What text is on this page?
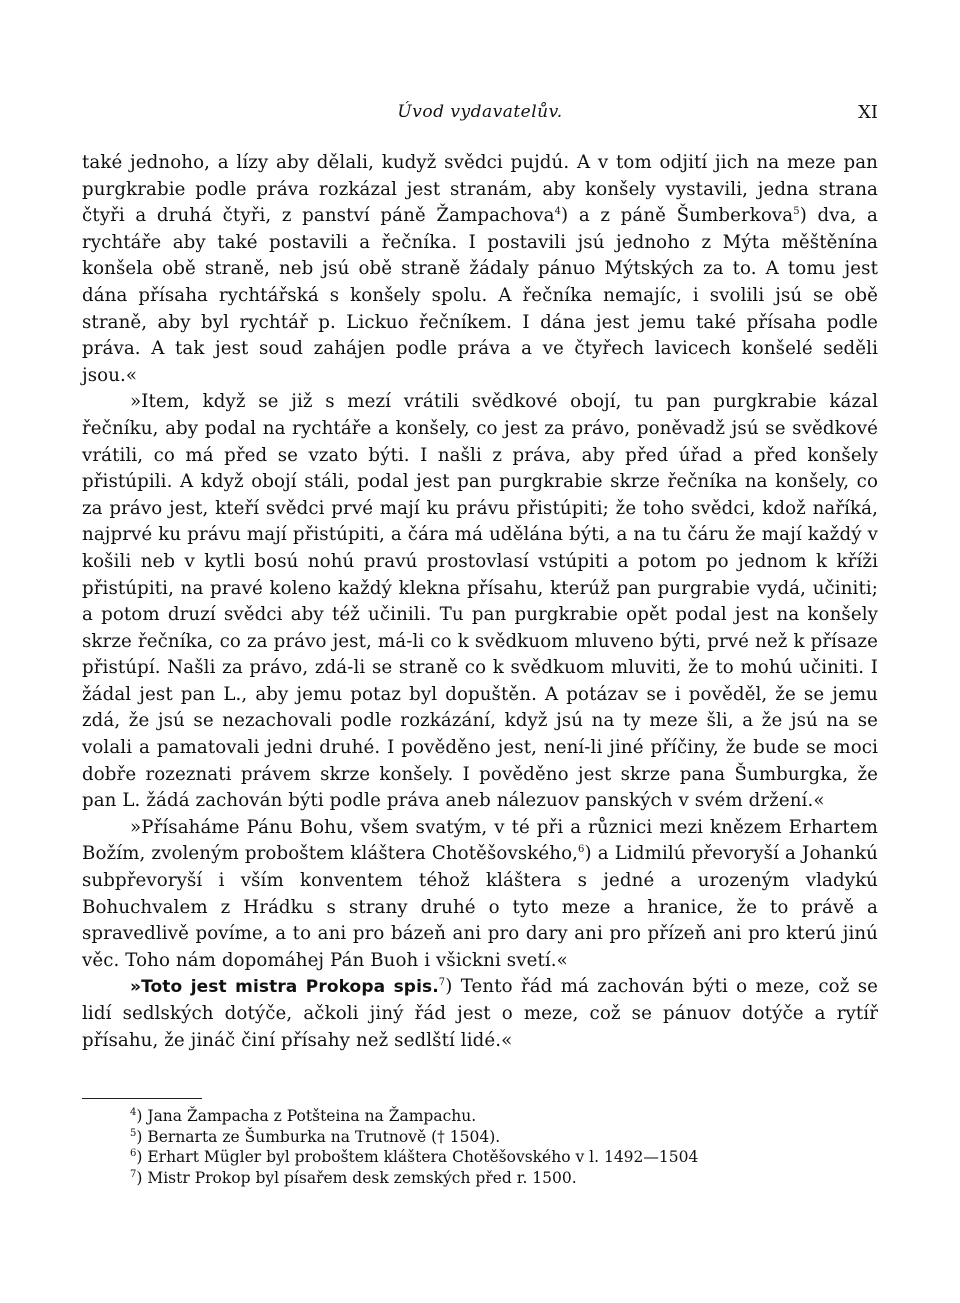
Úvod vydavatelův.	XI

také jednoho, a lízy aby dělali, kudyž svědci pujdú. A v tom odjití jich na meze pan purgkrabie podle práva rozkázal jest stranám, aby konšely vystavili, jedna strana čtyři a druhá čtyři, z panství páně Žampachova$^4$) a z páně Šumberkova$^5$) dva, a rychtáře aby také postavili a řečníka. I postavili jsú jednoho z Mýta měštěnína konšela obě straně, neb jsú obě straně žádaly pánuo Mýtských za to. A tomu jest dána přísaha rychtářská s konšely spolu. A řečníka nemajíc, i svolili jsú se obě straně, aby byl rychtář p. Lickuo řečníkem. I dána jest jemu také přísaha podle práva. A tak jest soud zahájen podle práva a ve čtyřech lavicech konšelé seděli jsou.«

»Item, když se již s mezí vrátili svědkové obojí, tu pan purgkrabie kázal řečníku, aby podal na rychtáře a konšely, co jest za právo, poněvadž jsú se svědkové vrátili, co má před se vzato býti. I našli z práva, aby před úřad a před konšely přistúpili. A když obojí stáli, podal jest pan purgkrabie skrze řečníka na konšely, co za právo jest, kteří svědci prvé mají ku právu přistúpiti; že toho svědci, kdož naříká, najprvé ku právu mají přistúpiti, a čára má udělána býti, a na tu čáru že mají každý v košili neb v kytli bosú nohú pravú prostovlasí vstúpiti a potom po jednom k kříži přistúpiti, na pravé koleno každý klekna přísahu, kterúž pan purgrabie vydá, učiniti; a potom druzí svědci aby též učinili. Tu pan purgkrabie opět podal jest na konšely skrze řečníka, co za právo jest, má-li co k svědkuom mluveno býti, prvé než k přísaze přistúpí. Našli za právo, zdá-li se straně co k svědkuom mluviti, že to mohú učiniti. I žádal jest pan L., aby jemu potaz byl dopuštěn. A potázav se i pověděl, že se jemu zdá, že jsú se nezachovali podle rozkázání, když jsú na ty meze šli, a že jsú na se volali a pamatovali jedni druhé. I pověděno jest, není-li jiné příčiny, že bude se moci dobře rozeznati právem skrze konšely. I pověděno jest skrze pana Šumburgka, že pan L. žádá zachován býti podle práva aneb nálezuov panských v svém držení.«

»Přísaháme Pánu Bohu, všem svatým, v té při a různici mezi knězem Erhartem Božím, zvoleným proboštem kláštera Chotěšovského,$^6$) a Lidmilú převoryší a Johankú subpřevoryší i vším konventem téhož kláštera s jedné a urozeným vladykú Bohuchvalem z Hrádku s strany druhé o tyto meze a hranice, že to právě a spravedlivě povíme, a to ani pro bázeň ani pro dary ani pro přízeň ani pro kterú jinú věc. Toho nám dopomáhej Pán Buoh i všickni svetí.«

»Toto jest mistra Prokopa spis.$^7$) Tento řád má zachován býti o meze, což se lidí sedlských dotýče, ačkoli jiný řád jest o meze, což se pánuov dotýče a rytíř přísahu, že jináč činí přísahy než sedlští lidé.«

$^4$) Jana Žampacha z Potšteina na Žampachu.
$^5$) Bernarta ze Šumburka na Trutnově († 1504).
$^6$) Erhart Mügler byl proboštem kláštera Chotěšovského v l. 1492—1504
$^7$) Mistr Prokop byl písařem desk zemských před r. 1500.
